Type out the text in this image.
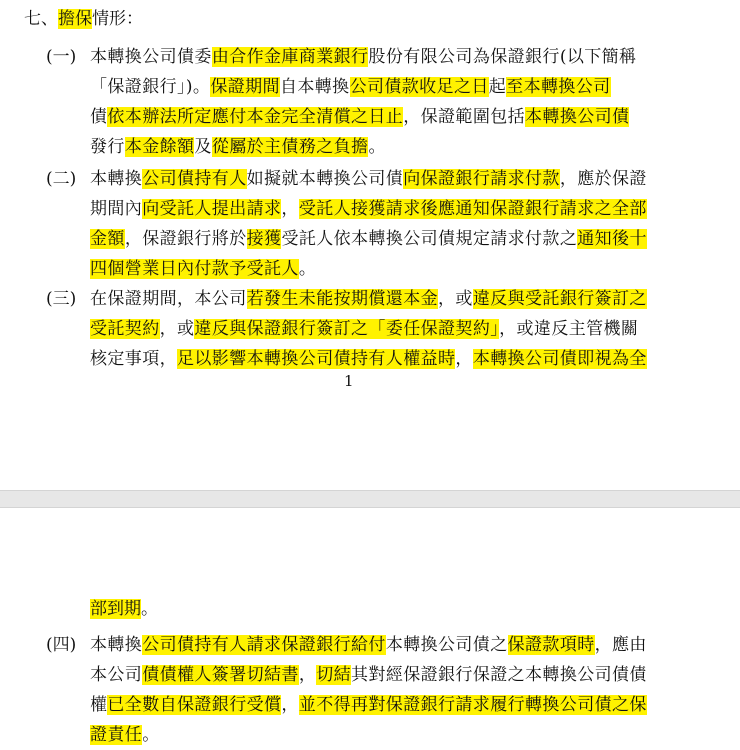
七、擔保情形：
(一) 本轉換公司債委由合作金庫商業銀行股份有限公司為保證銀行(以下簡稱
「保證銀行」)。保證期間自本轉換公司債款收足之日起至本轉換公司
債依本辦法所定應付本金完全清償之日止，保證範圍包括本轉換公司債
發行本金餘額及從屬於主債務之負擔。
(二) 本轉換公司債持有人如擬就本轉換公司債向保證銀行請求付款，應於保證
期間內向受託人提出請求，受託人接獲請求後應通知保證銀行請求之全部
金額，保證銀行將於接獲受託人依本轉換公司債規定請求付款之通知後十
四個營業日內付款予受託人。
(三) 在保證期間，本公司若發生未能按期償還本金，或違反與受託銀行簽訂之
受託契約，或違反與保證銀行簽訂之「委任保證契約」，或違反主管機關
核定事項，足以影響本轉換公司債持有人權益時，本轉換公司債即視為全
1
部到期。
(四) 本轉換公司債持有人請求保證銀行給付本轉換公司債之保證款項時，應由
本公司債債權人簽署切結書，切結其對經保證銀行保證之本轉換公司債債
權已全數自保證銀行受償，並不得再對保證銀行請求履行轉換公司債之保
證責任。
